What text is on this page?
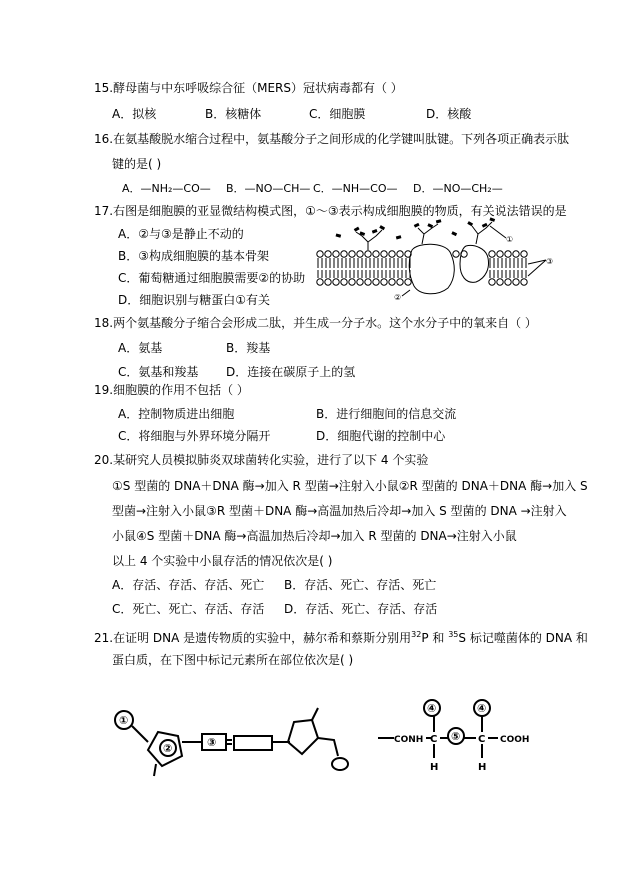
15.酵母菌与中东呼吸综合征（MERS）冠状病毒都有（ ）
A．拟核	B．核糖体	C．细胞膜	D．核酸
16.在氨基酸脱水缩合过程中，氨基酸分子之间形成的化学键叫肽键。下列各项正确表示肽
键的是( )
A．—NH₂—CO— B．—NO—CH— C．—NH—CO— D．—NO—CH₂—
17.右图是细胞膜的亚显微结构模式图，①～③表示构成细胞膜的物质，有关说法错误的是
A．②与③是静止不动的
B．③构成细胞膜的基本骨架
C．葡萄糖通过细胞膜需要②的协助
D．细胞识别与糖蛋白①有关
①
③
②
18.两个氨基酸分子缩合会形成二肽，并生成一分子水。这个水分子中的氧来自（ ）
A．氨基	B．羧基
C．氨基和羧基 D．连接在碳原子上的氢
19.细胞膜的作用不包括（ ）
A．控制物质进出细胞	B．进行细胞间的信息交流
C．将细胞与外界环境分隔开	D．细胞代谢的控制中心
20.某研究人员模拟肺炎双球菌转化实验，进行了以下 4 个实验
①S 型菌的 DNA＋DNA 酶→加入 R 型菌→注射入小鼠②R 型菌的 DNA＋DNA 酶→加入 S
型菌→注射入小鼠③R 型菌＋DNA 酶→高温加热后冷却→加入 S 型菌的 DNA →注射入
小鼠④S 型菌＋DNA 酶→高温加热后冷却→加入 R 型菌的 DNA→注射入小鼠
以上 4 个实验中小鼠存活的情况依次是( )
A．存活、存活、存活、死亡 B．存活、死亡、存活、死亡
C．死亡、死亡、存活、存活 D．存活、死亡、存活、存活
21.在证明 DNA 是遗传物质的实验中，赫尔希和蔡斯分别用$^{32}$P 和 $^{35}$S 标记噬菌体的 DNA 和
蛋白质，在下图中标记元素所在部位依次是( )
①
②	③	CONH C
H
C
H
COOH
④
⑤
④
